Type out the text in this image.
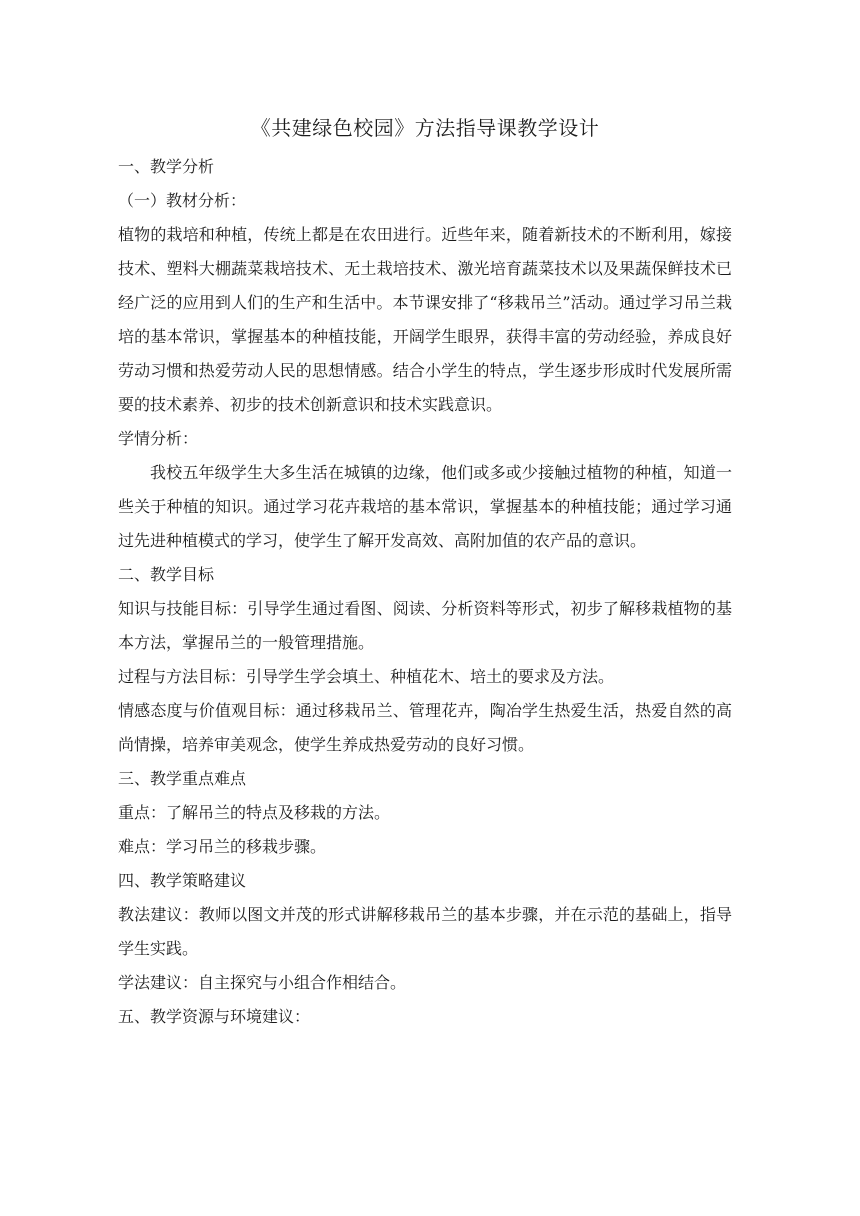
《共建绿色校园》方法指导课教学设计

一、教学分析

（一）教材分析：

植物的栽培和种植，传统上都是在农田进行。近些年来，随着新技术的不断利用，嫁接技术、塑料大棚蔬菜栽培技术、无土栽培技术、激光培育蔬菜技术以及果蔬保鲜技术已经广泛的应用到人们的生产和生活中。本节课安排了“移栽吊兰”活动。通过学习吊兰栽培的基本常识，掌握基本的种植技能，开阔学生眼界，获得丰富的劳动经验，养成良好劳动习惯和热爱劳动人民的思想情感。结合小学生的特点，学生逐步形成时代发展所需要的技术素养、初步的技术创新意识和技术实践意识。

学情分析：

我校五年级学生大多生活在城镇的边缘，他们或多或少接触过植物的种植，知道一些关于种植的知识。通过学习花卉栽培的基本常识，掌握基本的种植技能；通过学习通过先进种植模式的学习，使学生了解开发高效、高附加值的农产品的意识。

二、教学目标

知识与技能目标：引导学生通过看图、阅读、分析资料等形式，初步了解移栽植物的基本方法，掌握吊兰的一般管理措施。

过程与方法目标：引导学生学会填土、种植花木、培土的要求及方法。

情感态度与价值观目标：通过移栽吊兰、管理花卉，陶冶学生热爱生活，热爱自然的高尚情操，培养审美观念，使学生养成热爱劳动的良好习惯。

三、教学重点难点

重点：了解吊兰的特点及移栽的方法。

难点：学习吊兰的移栽步骤。

四、教学策略建议

教法建议：教师以图文并茂的形式讲解移栽吊兰的基本步骤，并在示范的基础上，指导学生实践。

学法建议：自主探究与小组合作相结合。

五、教学资源与环境建议：
